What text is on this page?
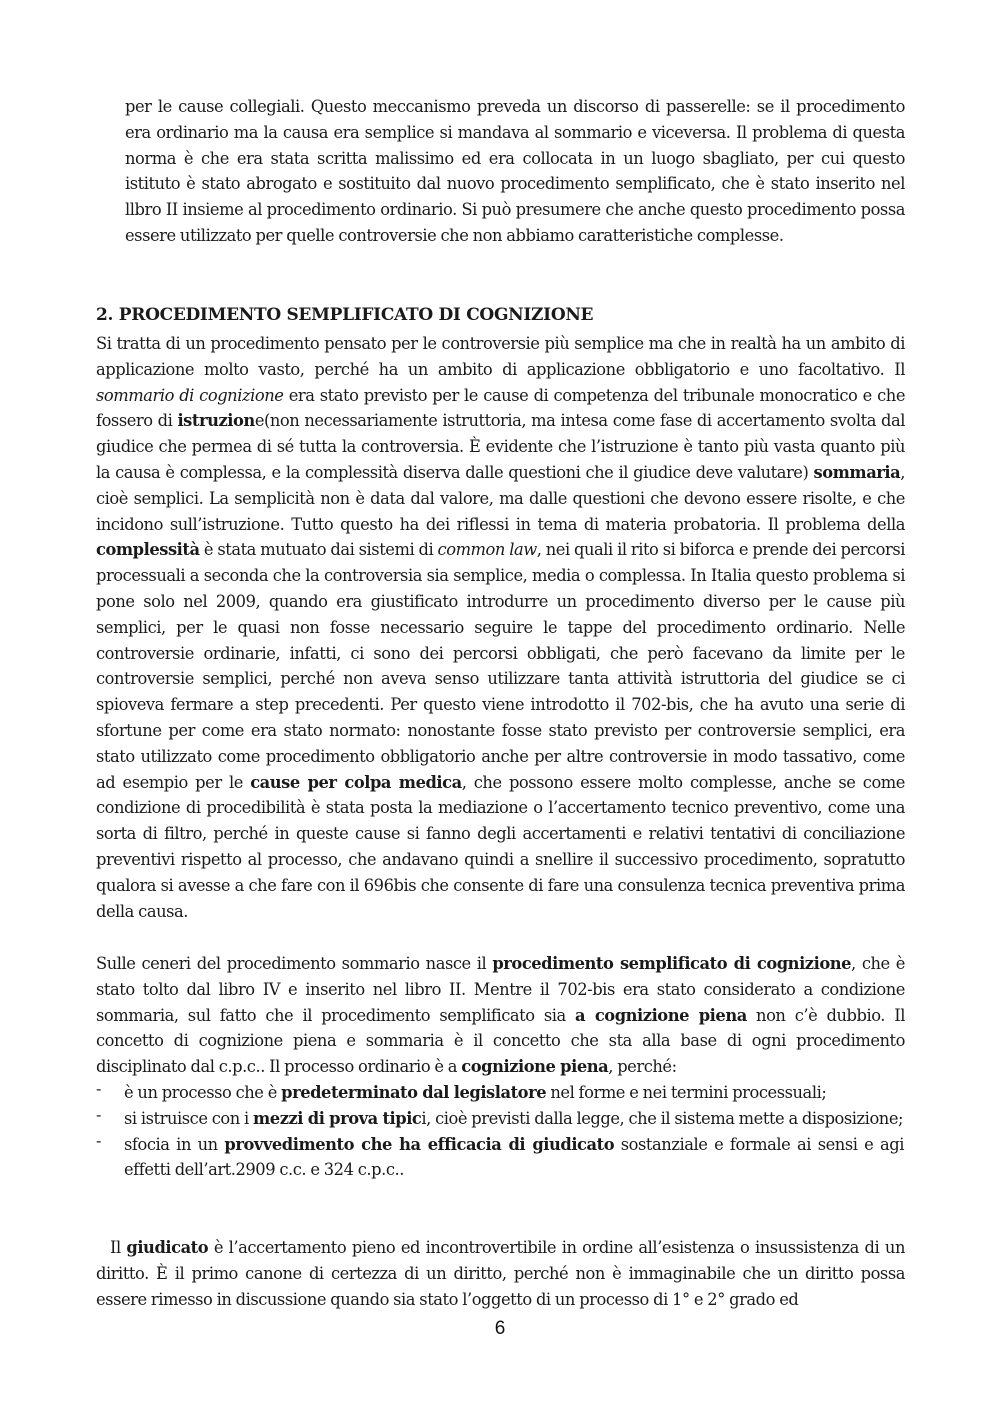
per le cause collegiali. Questo meccanismo preveda un discorso di passerelle: se il procedimento era ordinario ma la causa era semplice si mandava al sommario e viceversa. Il problema di questa norma è che era stata scritta malissimo ed era collocata in un luogo sbagliato, per cui questo istituto è stato abrogato e sostituito dal nuovo procedimento semplificato, che è stato inserito nel llbro II insieme al procedimento ordinario. Si può presumere che anche questo procedimento possa essere utilizzato per quelle controversie che non abbiamo caratteristiche complesse.

2. PROCEDIMENTO SEMPLIFICATO DI COGNIZIONE

Si tratta di un procedimento pensato per le controversie più semplice ma che in realtà ha un ambito di applicazione molto vasto, perché ha un ambito di applicazione obbligatorio e uno facoltativo. Il sommario di cognizione era stato previsto per le cause di competenza del tribunale monocratico e che fossero di istruzione(non necessariamente istruttoria, ma intesa come fase di accertamento svolta dal giudice che permea di sé tutta la controversia. È evidente che l’istruzione è tanto più vasta quanto più la causa è complessa, e la complessità diserva dalle questioni che il giudice deve valutare) sommaria, cioè semplici. La semplicità non è data dal valore, ma dalle questioni che devono essere risolte, e che incidono sull’istruzione. Tutto questo ha dei riflessi in tema di materia probatoria. Il problema della complessità è stata mutuato dai sistemi di common law, nei quali il rito si biforca e prende dei percorsi processuali a seconda che la controversia sia semplice, media o complessa. In Italia questo problema si pone solo nel 2009, quando era giustificato introdurre un procedimento diverso per le cause più semplici, per le quasi non fosse necessario seguire le tappe del procedimento ordinario. Nelle controversie ordinarie, infatti, ci sono dei percorsi obbligati, che però facevano da limite per le controversie semplici, perché non aveva senso utilizzare tanta attività istruttoria del giudice se ci spioveva fermare a step precedenti. Per questo viene introdotto il 702-bis, che ha avuto una serie di sfortune per come era stato normato: nonostante fosse stato previsto per controversie semplici, era stato utilizzato come procedimento obbligatorio anche per altre controversie in modo tassativo, come ad esempio per le cause per colpa medica, che possono essere molto complesse, anche se come condizione di procedibilità è stata posta la mediazione o l’accertamento tecnico preventivo, come una sorta di filtro, perché in queste cause si fanno degli accertamenti e relativi tentativi di conciliazione preventivi rispetto al processo, che andavano quindi a snellire il successivo procedimento, sopratutto qualora si avesse a che fare con il 696bis che consente di fare una consulenza tecnica preventiva prima della causa.

Sulle ceneri del procedimento sommario nasce il procedimento semplificato di cognizione, che è stato tolto dal libro IV e inserito nel libro II. Mentre il 702-bis era stato considerato a condizione sommaria, sul fatto che il procedimento semplificato sia a cognizione piena non c’è dubbio. Il concetto di cognizione piena e sommaria è il concetto che sta alla base di ogni procedimento disciplinato dal c.p.c.. Il processo ordinario è a cognizione piena, perché:

- è un processo che è predeterminato dal legislatore nel forme e nei termini processuali;
- si istruisce con i mezzi di prova tipici, cioè previsti dalla legge, che il sistema mette a disposizione;
- sfocia in un provvedimento che ha efficacia di giudicato sostanziale e formale ai sensi e agi effetti dell’art.2909 c.c. e 324 c.p.c..

Il giudicato è l’accertamento pieno ed incontrovertibile in ordine all’esistenza o insussistenza di un diritto. È il primo canone di certezza di un diritto, perché non è immaginabile che un diritto possa essere rimesso in discussione quando sia stato l’oggetto di un processo di 1° e 2° grado ed

6
